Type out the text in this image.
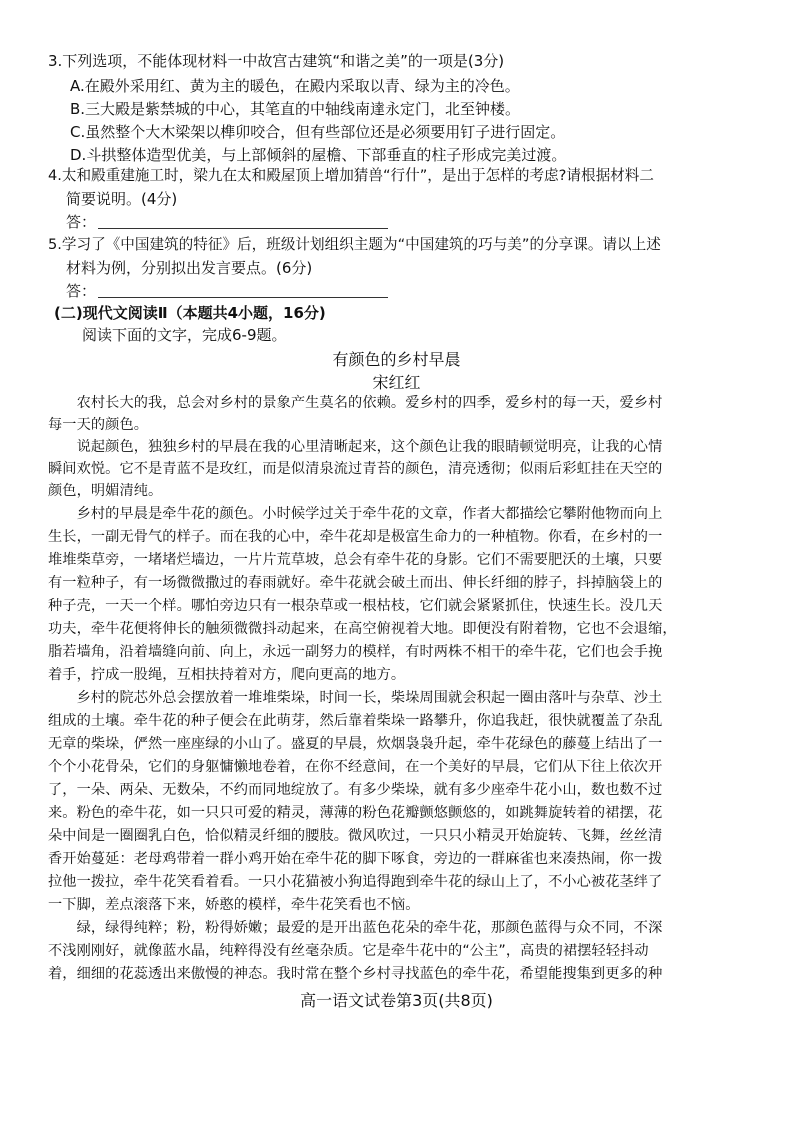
3.下列选项，不能体现材料一中故宫古建筑“和谐之美”的一项是(3分)
A.在殿外采用红、黄为主的暖色，在殿内采取以青、绿为主的冷色。
B.三大殿是紫禁城的中心，其笔直的中轴线南達永定门，北至钟楼。
C.虽然整个大木梁架以榫卯咬合，但有些部位还是必须要用钉子进行固定。
D.斗拱整体造型优美，与上部倾斜的屋檐、下部垂直的柱子形成完美过渡。
4.太和殿重建施工时，梁九在太和殿屋顶上增加猜兽“行什”，是出于怎样的考虑?请根据材料二
简要说明。(4分)
答：
5.学习了《中国建筑的特征》后，班级计划组织主题为“中国建筑的巧与美”的分享课。请以上述
材料为例，分别拟出发言要点。(6分)
答：
(二)现代文阅读Ⅱ（本题共4小题，16分)
阅读下面的文字，完成6-9题。
有颜色的乡村早晨
宋红红
　　农村长大的我，总会对乡村的景象产生莫名的依赖。爱乡村的四季，爱乡村的每一天，爱乡村
每一天的颜色。
　　说起颜色，独独乡村的早晨在我的心里清晰起来，这个颜色让我的眼睛顿觉明亮，让我的心情
瞬间欢悦。它不是青蓝不是玫红，而是似清泉流过青苔的颜色，清亮透彻；似雨后彩虹挂在天空的
颜色，明媚清纯。
　　乡村的早晨是牵牛花的颜色。小时候学过关于牵牛花的文章，作者大都描绘它攀附他物而向上
生长，一副无骨气的样子。而在我的心中，牵牛花却是极富生命力的一种植物。你看，在乡村的一
堆堆柴草旁，一堵堵烂墙边，一片片荒草坡，总会有牵牛花的身影。它们不需要肥沃的土壤，只要
有一粒种子，有一场微微撒过的春雨就好。牵牛花就会破土而出、伸长纤细的脖子，抖掉脑袋上的
种子壳，一天一个样。哪怕旁边只有一根杂草或一根枯枝，它们就会紧紧抓住，快速生长。没几天
功夫，牵牛花便将伸长的触须微微抖动起来，在高空俯视着大地。即便没有附着物，它也不会退缩，
脂若墙角，沿着墙缝向前、向上，永远一副努力的模样，有时两株不相干的牵牛花，它们也会手挽
着手，拧成一股绳，互相扶持着对方，爬向更高的地方。
　　乡村的院芯外总会摆放着一堆堆柴垛，时间一长，柴垛周围就会积起一圈由落叶与杂草、沙土
组成的土壤。牵牛花的种子便会在此萌芽，然后靠着柴垛一路攀升，你追我赶，很快就覆盖了杂乱
无章的柴垛，俨然一座座绿的小山了。盛夏的早晨，炊烟袅袅升起，牵牛花绿色的藤蔓上结出了一
个个小花骨朵，它们的身躯慵懒地卷着，在你不经意间，在一个美好的早晨，它们从下往上依次开
了，一朵、两朵、无数朵，不约而同地绽放了。有多少柴垛，就有多少座牵牛花小山，数也数不过
来。粉色的牵牛花，如一只只可爱的精灵，薄薄的粉色花瓣颤悠颤悠的，如跳舞旋转着的裙摆，花
朵中间是一圈圈乳白色，恰似精灵纤细的腰肢。微风吹过，一只只小精灵开始旋转、飞舞，丝丝清
香开始蔓延：老母鸡带着一群小鸡开始在牵牛花的脚下啄食，旁边的一群麻雀也来凑热闹，你一拨
拉他一拨拉，牵牛花笑看着看。一只小花猫被小狗追得跑到牵牛花的绿山上了，不小心被花茎绊了
一下脚，差点滚落下来，娇憨的模样，牵牛花笑看也不恼。
　　绿，绿得纯粹；粉，粉得娇嫩；最爱的是开出蓝色花朵的牵牛花，那颜色蓝得与众不同，不深
不浅刚刚好，就像蓝水晶，纯粹得没有丝毫杂质。它是牵牛花中的“公主”，高贵的裙摆轻轻抖动
着，细细的花蕊透出来傲慢的神态。我时常在整个乡村寻找蓝色的牵牛花，希望能搜集到更多的种
高一语文试卷第3页(共8页)
